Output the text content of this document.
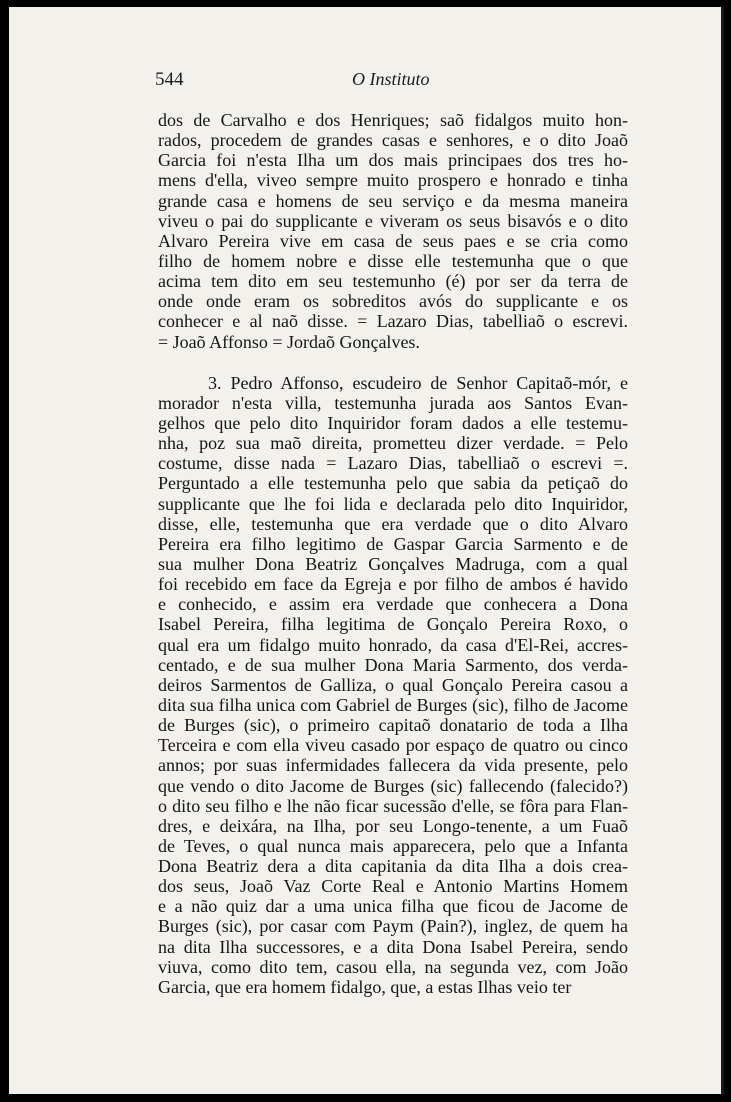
544	O Instituto
dos de Carvalho e dos Henriques; saõ fidalgos muito hon-
rados, procedem de grandes casas e senhores, e o dito Joaõ
Garcia foi n'esta Ilha um dos mais principaes dos tres ho-
mens d'ella, viveo sempre muito prospero e honrado e tinha
grande casa e homens de seu serviço e da mesma maneira
viveu o pai do supplicante e viveram os seus bisavós e o dito
Alvaro Pereira vive em casa de seus paes e se cria como
filho de homem nobre e disse elle testemunha que o que
acima tem dito em seu testemunho (é) por ser da terra de
onde onde eram os sobreditos avós do supplicante e os
conhecer e al naõ disse. = Lazaro Dias, tabelliaõ o escrevi.
= Joaõ Affonso = Jordaõ Gonçalves.
3. Pedro Affonso, escudeiro de Senhor Capitaõ-mór, e
morador n'esta villa, testemunha jurada aos Santos Evan-
gelhos que pelo dito Inquiridor foram dados a elle testemu-
nha, poz sua maõ direita, prometteu dizer verdade. = Pelo
costume, disse nada = Lazaro Dias, tabelliaõ o escrevi =.
Perguntado a elle testemunha pelo que sabia da petiçaõ do
supplicante que lhe foi lida e declarada pelo dito Inquiridor,
disse, elle, testemunha que era verdade que o dito Alvaro
Pereira era filho legitimo de Gaspar Garcia Sarmento e de
sua mulher Dona Beatriz Gonçalves Madruga, com a qual
foi recebido em face da Egreja e por filho de ambos é havido
e conhecido, e assim era verdade que conhecera a Dona
Isabel Pereira, filha legitima de Gonçalo Pereira Roxo, o
qual era um fidalgo muito honrado, da casa d'El-Rei, accres-
centado, e de sua mulher Dona Maria Sarmento, dos verda-
deiros Sarmentos de Galliza, o qual Gonçalo Pereira casou a
dita sua filha unica com Gabriel de Burges (sic), filho de Jacome
de Burges (sic), o primeiro capitaõ donatario de toda a Ilha
Terceira e com ella viveu casado por espaço de quatro ou cinco
annos; por suas infermidades fallecera da vida presente, pelo
que vendo o dito Jacome de Burges (sic) fallecendo (falecido?)
o dito seu filho e lhe não ficar sucessão d'elle, se fôra para Flan-
dres, e deixára, na Ilha, por seu Longo-tenente, a um Fuaõ
de Teves, o qual nunca mais apparecera, pelo que a Infanta
Dona Beatriz dera a dita capitania da dita Ilha a dois crea-
dos seus, Joaõ Vaz Corte Real e Antonio Martins Homem
e a não quiz dar a uma unica filha que ficou de Jacome de
Burges (sic), por casar com Paym (Pain?), inglez, de quem ha
na dita Ilha successores, e a dita Dona Isabel Pereira, sendo
viuva, como dito tem, casou ella, na segunda vez, com João
Garcia, que era homem fidalgo, que, a estas Ilhas veio ter
